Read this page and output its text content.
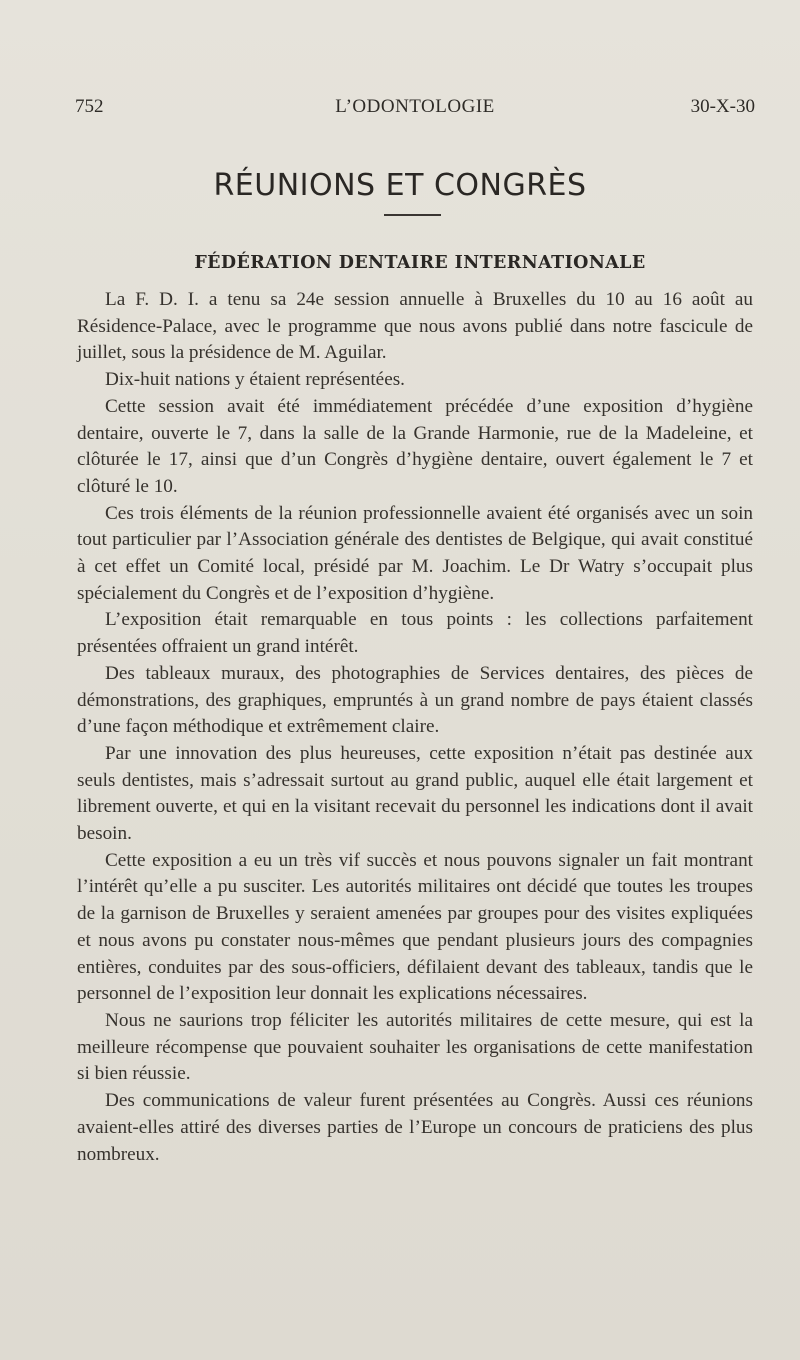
752	L’ODONTOLOGIE	30-X-30
RÉUNIONS ET CONGRÈS
FÉDÉRATION DENTAIRE INTERNATIONALE

La F. D. I. a tenu sa 24e session annuelle à Bruxelles du 10 au 16 août au Résidence-Palace, avec le programme que nous avons publié dans notre fascicule de juillet, sous la présidence de M. Aguilar.

Dix-huit nations y étaient représentées.

Cette session avait été immédiatement précédée d’une exposition d’hygiène dentaire, ouverte le 7, dans la salle de la Grande Harmonie, rue de la Madeleine, et clôturée le 17, ainsi que d’un Congrès d’hygiène dentaire, ouvert également le 7 et clôturé le 10.

Ces trois éléments de la réunion professionnelle avaient été organisés avec un soin tout particulier par l’Association générale des dentistes de Belgique, qui avait constitué à cet effet un Comité local, présidé par M. Joachim. Le Dr Watry s’occupait plus spécialement du Congrès et de l’exposition d’hygiène.

L’exposition était remarquable en tous points : les collections parfaitement présentées offraient un grand intérêt.

Des tableaux muraux, des photographies de Services dentaires, des pièces de démonstrations, des graphiques, empruntés à un grand nombre de pays étaient classés d’une façon méthodique et extrêmement claire.

Par une innovation des plus heureuses, cette exposition n’était pas destinée aux seuls dentistes, mais s’adressait surtout au grand public, auquel elle était largement et librement ouverte, et qui en la visitant recevait du personnel les indications dont il avait besoin.

Cette exposition a eu un très vif succès et nous pouvons signaler un fait montrant l’intérêt qu’elle a pu susciter. Les autorités militaires ont décidé que toutes les troupes de la garnison de Bruxelles y seraient amenées par groupes pour des visites expliquées et nous avons pu constater nous-mêmes que pendant plusieurs jours des compagnies entières, conduites par des sous-officiers, défilaient devant des tableaux, tandis que le personnel de l’exposition leur donnait les explications nécessaires.

Nous ne saurions trop féliciter les autorités militaires de cette mesure, qui est la meilleure récompense que pouvaient souhaiter les organisations de cette manifestation si bien réussie.

Des communications de valeur furent présentées au Congrès. Aussi ces réunions avaient-elles attiré des diverses parties de l’Europe un concours de praticiens des plus nombreux.
